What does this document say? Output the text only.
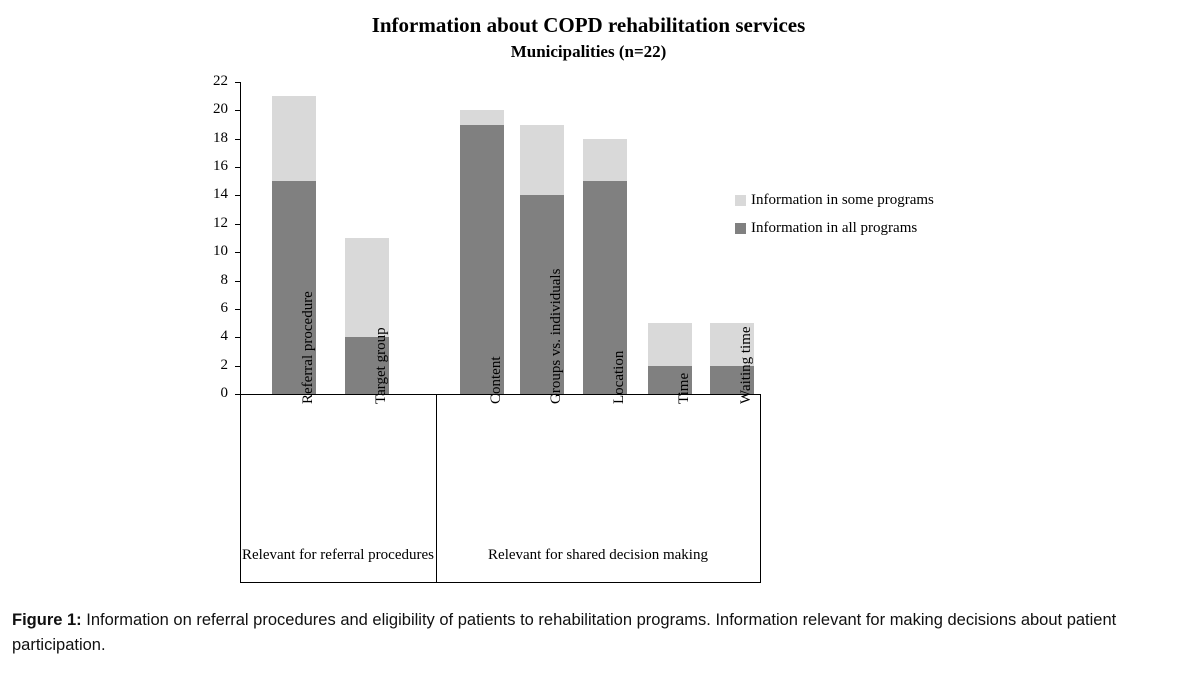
Information about COPD rehabilitation services
Municipalities (n=22)
0
2
4
6
8
10
12
14
16
18
20
22
Referral procedure	Target group	Content	Groups vs. individuals	Location	Time	Waiting time
Relevant for referral procedures	Relevant for shared decision making
Information in some programs
Information in all programs
Figure 1: Information on referral procedures and eligibility of patients to rehabilitation programs. Information relevant for making decisions about patient participation.
